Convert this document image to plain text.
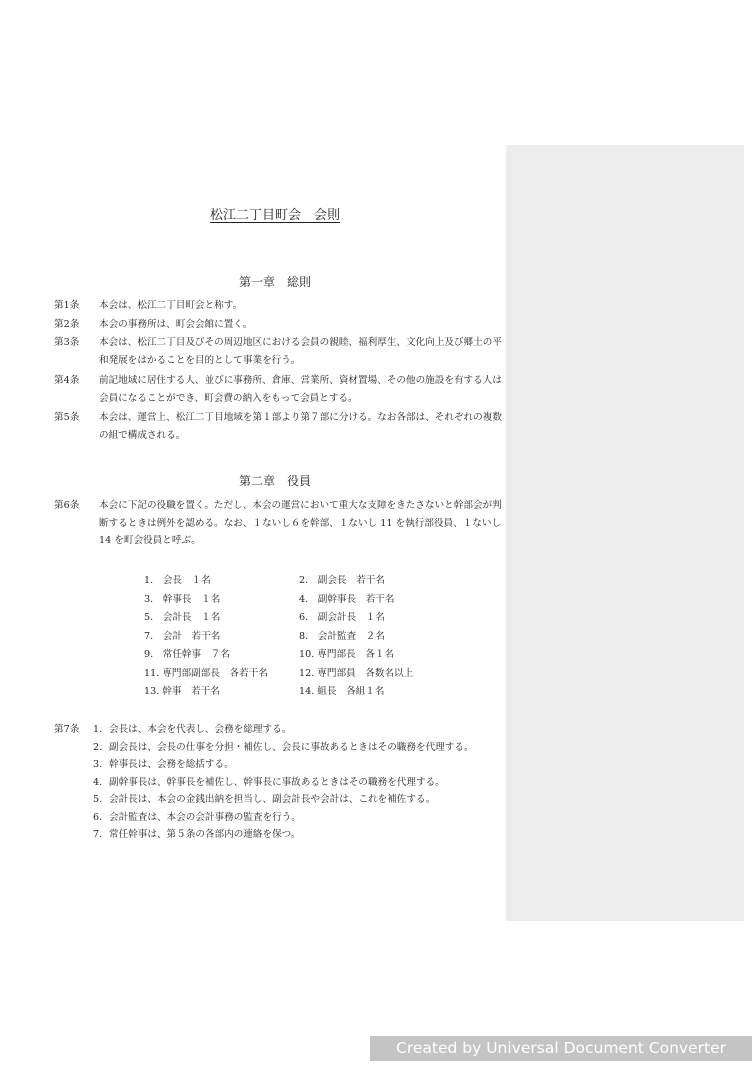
松江二丁目町会　会則
第一章　総則
第1条 本会は、松江二丁目町会と称す。
第2条 本会の事務所は、町会会館に置く。
第3条 本会は、松江二丁目及びその周辺地区における会員の親睦、福利厚生、文化向上及び郷土の平和発展をはかることを目的として事業を行う。
第4条 前記地域に居住する人、並びに事務所、倉庫、営業所、資材置場、その他の施設を有する人は会員になることができ、町会費の納入をもって会員とする。
第5条 本会は、運営上、松江二丁目地域を第１部より第７部に分ける。なお各部は、それぞれの複数の組で構成される。
第二章　役員
第6条 本会に下記の役職を置く。ただし、本会の運営において重大な支障をきたさないと幹部会が判断するときは例外を認める。なお、１ないし６を幹部、１ないし 11 を執行部役員、１ないし 14 を町会役員と呼ぶ。
1.　会長　１名	2.　副会長　若干名
3.　幹事長　１名	4.　副幹事長　若干名
5.　会計長　１名	6.　副会計長　１名
7.　会計　若干名	8.　会計監査　２名
9.　常任幹事　７名	10. 専門部長　各１名
11. 専門部副部長　各若干名	12. 専門部員　各数名以上
13. 幹事　若干名	14. 組長　各組１名
第7条 1. 会長は、本会を代表し、会務を総理する。
2. 副会長は、会長の仕事を分担・補佐し、会長に事故あるときはその職務を代理する。
3. 幹事長は、会務を総括する。
4. 副幹事長は、幹事長を補佐し、幹事長に事故あるときはその職務を代理する。
5. 会計長は、本会の金銭出納を担当し、副会計長や会計は、これを補佐する。
6. 会計監査は、本会の会計事務の監査を行う。
7. 常任幹事は、第５条の各部内の連絡を保つ。
Created by Universal Document Converter
